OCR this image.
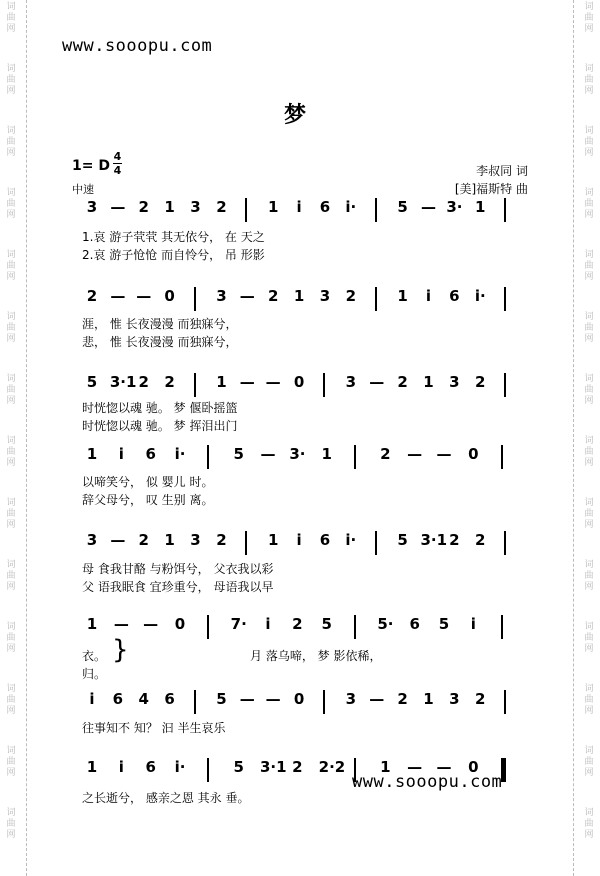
词
曲
网
词
曲
网
词
曲
网
词
曲
网
词
曲
网
词
曲
网
词
曲
网
词
曲
网
词
曲
网
词
曲
网
词
曲
网
词
曲
网
词
曲
网
词
曲
网
词
曲
网
词
曲
网
词
曲
网
词
曲
网
词
曲
网
词
曲
网
词
曲
网
词
曲
网
词
曲
网
词
曲
网
词
曲
网
词
曲
网
词
曲
网
词
曲
网
www.sooopu.com
梦
1= D
4
4
中速
李叔同 词
[美]福斯特 曲
3 — 2 1 3 2	1	i	6 i·	5 — 3· 1
1.哀 游子茕茕 其无依兮， 在 天之
2.哀 游子怆怆 而自怜兮， 吊 形影
2 — — 0	3 — 2 1 3 2	1	i	6 i·
涯， 惟 长夜漫漫 而独寐兮，
悲， 惟 长夜漫漫 而独寐兮，
5 3·1 2 2	1 — — 0	3 — 2 1 3 2
时恍惚以魂 驰。 梦 偃卧摇篮
时恍惚以魂 驰。 梦 挥泪出门
1	i	6 i·	5 — 3· 1	2 — — 0
以啼笑兮， 似 婴儿 时。
辞父母兮， 叹 生别 离。
3 — 2 1 3 2	1	i	6 i·	5 3·1 2 2
母 食我甘酪 与粉饵兮， 父衣我以彩
父 语我眠食 宜珍重兮， 母语我以早
1 — — 0	7·	i	2 5	5· 6 5	i
衣。
归。
月 落乌啼， 梦 影依稀，
}
i	6 4 6	5 — — 0	3 — 2 1 3 2
往事知不 知？ 汩 半生哀乐
1	i	6 i·	5 3·1 2 2·2 1 — — 0
之长逝兮， 感亲之恩 其永 垂。
www.sooopu.com
